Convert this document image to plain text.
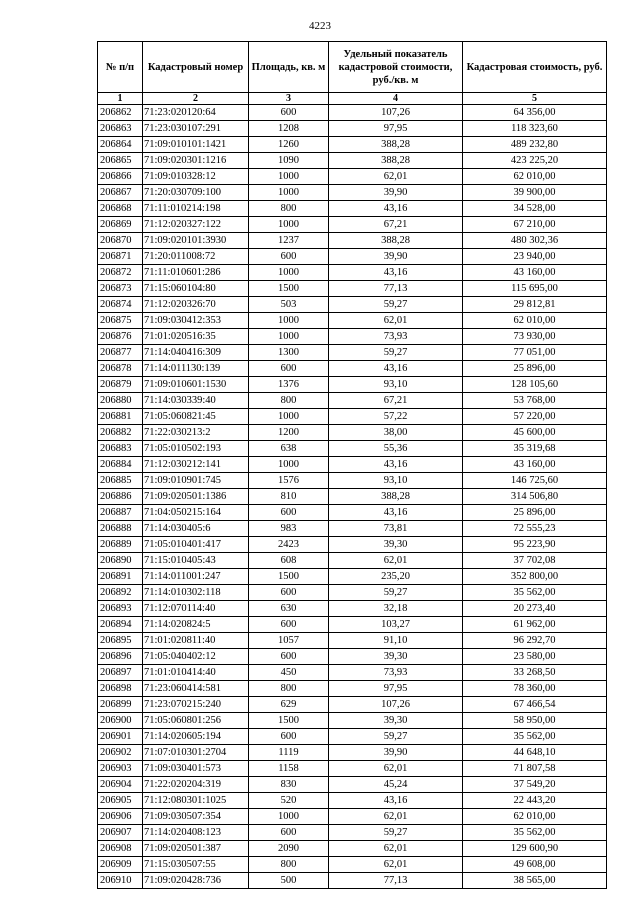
4223
№ п/п	Кадастровый номер	Площадь, кв. м	Удельный показатель кадастровой стоимости, руб./кв. м	Кадастровая стоимость, руб.
1	2	3	4	5
206862	71:23:020120:64	600	107,26	64 356,00
206863	71:23:030107:291	1208	97,95	118 323,60
206864	71:09:010101:1421	1260	388,28	489 232,80
206865	71:09:020301:1216	1090	388,28	423 225,20
206866	71:09:010328:12	1000	62,01	62 010,00
206867	71:20:030709:100	1000	39,90	39 900,00
206868	71:11:010214:198	800	43,16	34 528,00
206869	71:12:020327:122	1000	67,21	67 210,00
206870	71:09:020101:3930	1237	388,28	480 302,36
206871	71:20:011008:72	600	39,90	23 940,00
206872	71:11:010601:286	1000	43,16	43 160,00
206873	71:15:060104:80	1500	77,13	115 695,00
206874	71:12:020326:70	503	59,27	29 812,81
206875	71:09:030412:353	1000	62,01	62 010,00
206876	71:01:020516:35	1000	73,93	73 930,00
206877	71:14:040416:309	1300	59,27	77 051,00
206878	71:14:011130:139	600	43,16	25 896,00
206879	71:09:010601:1530	1376	93,10	128 105,60
206880	71:14:030339:40	800	67,21	53 768,00
206881	71:05:060821:45	1000	57,22	57 220,00
206882	71:22:030213:2	1200	38,00	45 600,00
206883	71:05:010502:193	638	55,36	35 319,68
206884	71:12:030212:141	1000	43,16	43 160,00
206885	71:09:010901:745	1576	93,10	146 725,60
206886	71:09:020501:1386	810	388,28	314 506,80
206887	71:04:050215:164	600	43,16	25 896,00
206888	71:14:030405:6	983	73,81	72 555,23
206889	71:05:010401:417	2423	39,30	95 223,90
206890	71:15:010405:43	608	62,01	37 702,08
206891	71:14:011001:247	1500	235,20	352 800,00
206892	71:14:010302:118	600	59,27	35 562,00
206893	71:12:070114:40	630	32,18	20 273,40
206894	71:14:020824:5	600	103,27	61 962,00
206895	71:01:020811:40	1057	91,10	96 292,70
206896	71:05:040402:12	600	39,30	23 580,00
206897	71:01:010414:40	450	73,93	33 268,50
206898	71:23:060414:581	800	97,95	78 360,00
206899	71:23:070215:240	629	107,26	67 466,54
206900	71:05:060801:256	1500	39,30	58 950,00
206901	71:14:020605:194	600	59,27	35 562,00
206902	71:07:010301:2704	1119	39,90	44 648,10
206903	71:09:030401:573	1158	62,01	71 807,58
206904	71:22:020204:319	830	45,24	37 549,20
206905	71:12:080301:1025	520	43,16	22 443,20
206906	71:09:030507:354	1000	62,01	62 010,00
206907	71:14:020408:123	600	59,27	35 562,00
206908	71:09:020501:387	2090	62,01	129 600,90
206909	71:15:030507:55	800	62,01	49 608,00
206910	71:09:020428:736	500	77,13	38 565,00
